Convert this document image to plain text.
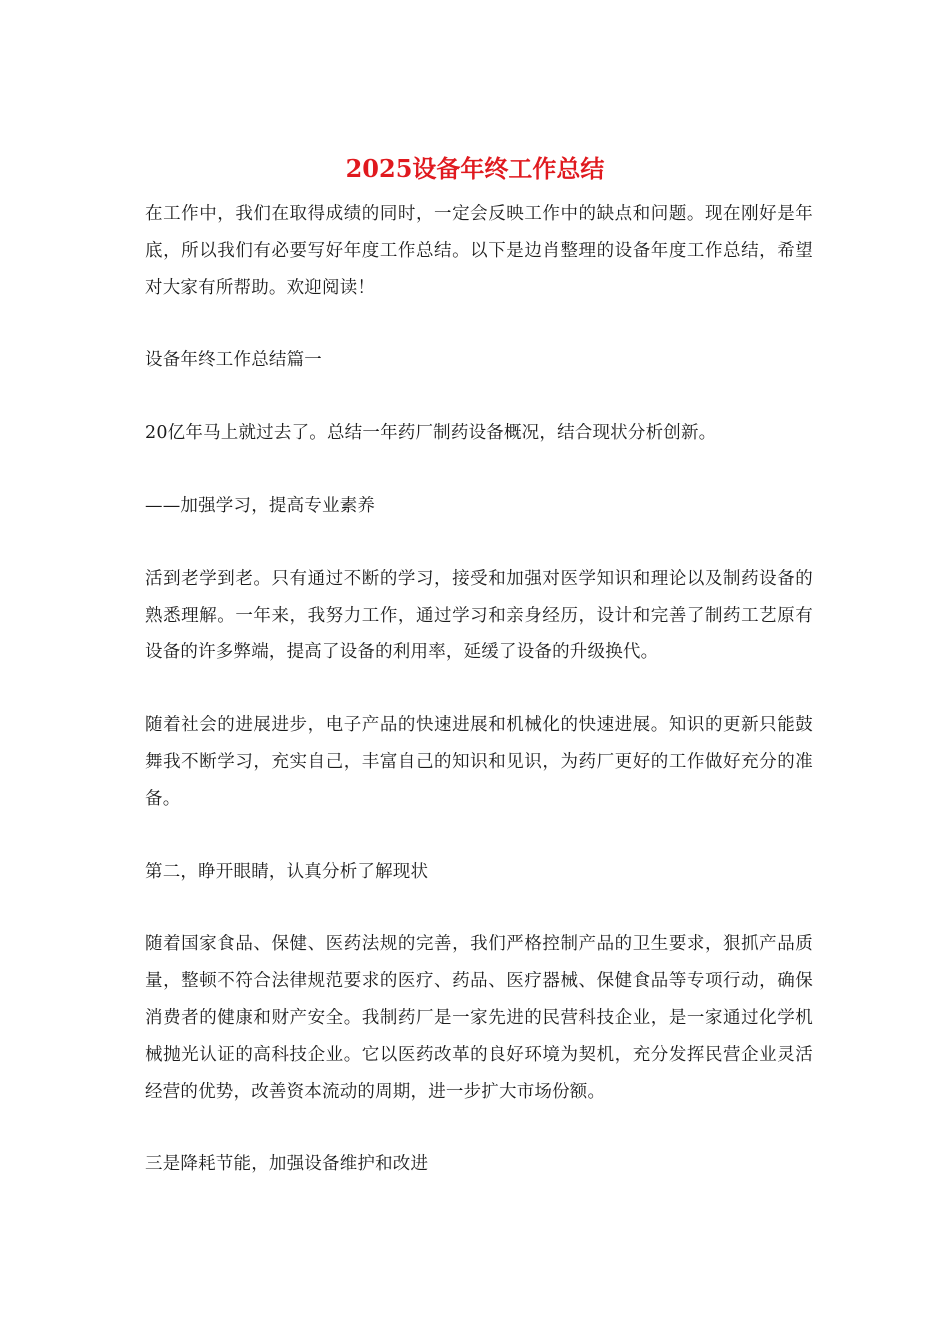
2025设备年终工作总结

在工作中，我们在取得成绩的同时，一定会反映工作中的缺点和问题。现在刚好是年底，所以我们有必要写好年度工作总结。以下是边肖整理的设备年度工作总结，希望对大家有所帮助。欢迎阅读！

设备年终工作总结篇一

20亿年马上就过去了。总结一年药厂制药设备概况，结合现状分析创新。

——加强学习，提高专业素养

活到老学到老。只有通过不断的学习，接受和加强对医学知识和理论以及制药设备的熟悉理解。一年来，我努力工作，通过学习和亲身经历，设计和完善了制药工艺原有设备的许多弊端，提高了设备的利用率，延缓了设备的升级换代。

随着社会的进展进步，电子产品的快速进展和机械化的快速进展。知识的更新只能鼓舞我不断学习，充实自己，丰富自己的知识和见识，为药厂更好的工作做好充分的准备。

第二，睁开眼睛，认真分析了解现状

随着国家食品、保健、医药法规的完善，我们严格控制产品的卫生要求，狠抓产品质量，整顿不符合法律规范要求的医疗、药品、医疗器械、保健食品等专项行动，确保消费者的健康和财产安全。我制药厂是一家先进的民营科技企业，是一家通过化学机械抛光认证的高科技企业。它以医药改革的良好环境为契机，充分发挥民营企业灵活经营的优势，改善资本流动的周期，进一步扩大市场份额。

三是降耗节能，加强设备维护和改进
